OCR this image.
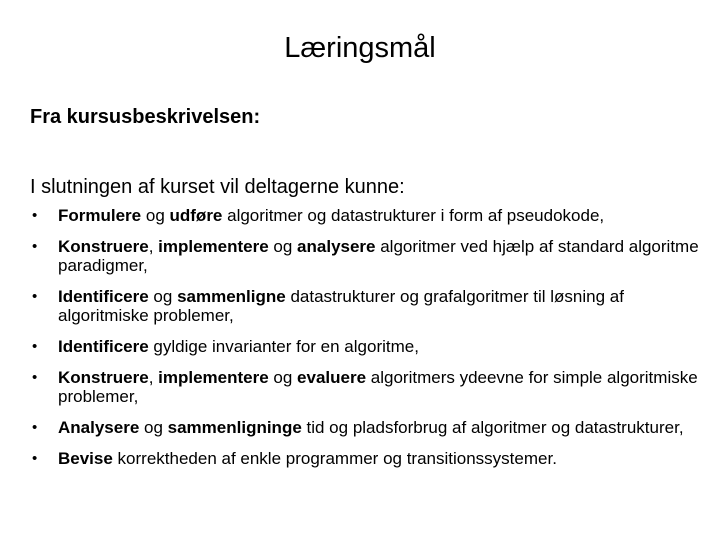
Læringsmål
Fra kursusbeskrivelsen:
I slutningen af kurset vil deltagerne kunne:
• Formulere og udføre algoritmer og datastrukturer i form af pseudokode,
• Konstruere, implementere og analysere algoritmer ved hjælp af standard algoritme paradigmer,
• Identificere og sammenligne datastrukturer og grafalgoritmer til løsning af algoritmiske problemer,
• Identificere gyldige invarianter for en algoritme,
• Konstruere, implementere og evaluere algoritmers ydeevne for simple algoritmiske problemer,
• Analysere og sammenligninge tid og pladsforbrug af algoritmer og datastrukturer,
• Bevise korrektheden af enkle programmer og transitionssystemer.
